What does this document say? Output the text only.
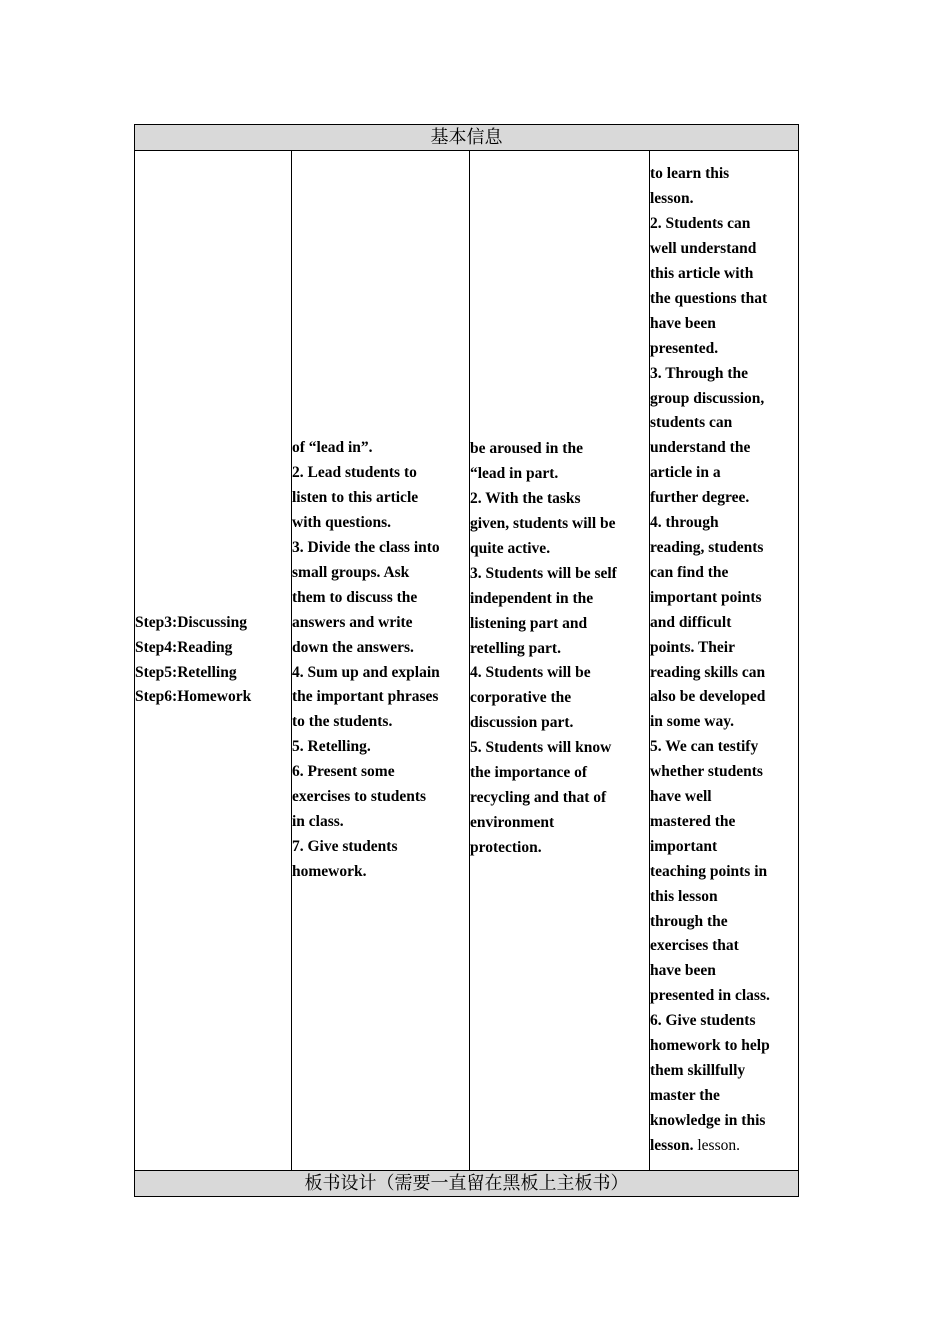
基本信息

Step3:Discussing
Step4:Reading
Step5:Retelling
Step6:Homework

of “lead in”.
2. Lead students to
listen to this article
with questions.
3. Divide the class into
small groups. Ask
them to discuss the
answers and write
down the answers.
4. Sum up and explain
the important phrases
to the students.
5. Retelling.
6. Present some
exercises to students
in class.
7. Give students
homework.

be aroused in the
“lead in part.
2. With the tasks
given, students will be
quite active.
3. Students will be self
independent in the
listening part and
retelling part.
4. Students will be
corporative the
discussion part.
5. Students will know
the importance of
recycling and that of
environment
protection.

to learn this
lesson.
2. Students can
well understand
this article with
the questions that
have been
presented.
3. Through the
group discussion,
students can
understand the
article in a
further degree.
4. through
reading, students
can find the
important points
and difficult
points. Their
reading skills can
also be developed
in some way.
5. We can testify
whether students
have well
mastered the
important
teaching points in
this lesson
through the
exercises that
have been
presented in class.
6. Give students
homework to help
them skillfully
master the
knowledge in this
lesson. lesson.

板书设计（需要一直留在黑板上主板书）
